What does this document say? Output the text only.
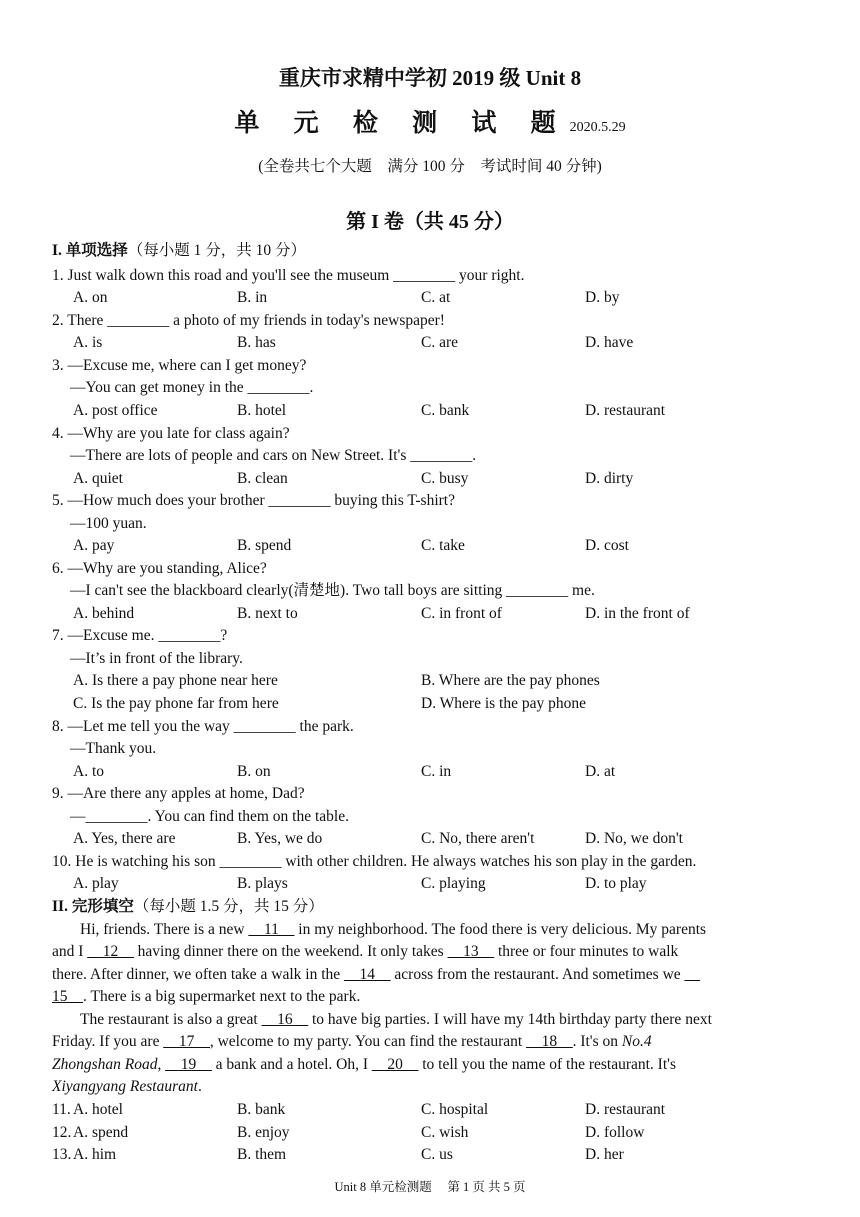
重庆市求精中学初 2019 级 Unit 8
单 元 检 测 试 题2020.5.29
(全卷共七个大题　满分 100 分　考试时间 40 分钟)
第 I 卷（共 45 分）
I. 单项选择（每小题 1 分，共 10 分）
1. Just walk down this road and you'll see the museum ________ your right.
A. on	B. in	C. at	D. by
2. There ________ a photo of my friends in today's newspaper!
A. is	B. has	C. are	D. have
3. —Excuse me, where can I get money?
—You can get money in the ________.
A. post office	B. hotel	C. bank	D. restaurant
4. —Why are you late for class again?
—There are lots of people and cars on New Street. It's ________.
A. quiet	B. clean	C. busy	D. dirty
5. —How much does your brother ________ buying this T-shirt?
—100 yuan.
A. pay	B. spend	C. take	D. cost
6. —Why are you standing, Alice?
—I can't see the blackboard clearly(清楚地). Two tall boys are sitting ________ me.
A. behind	B. next to	C. in front of	D. in the front of
7. —Excuse me. ________?
—It’s in front of the library.
A. Is there a pay phone near here	B. Where are the pay phones
C. Is the pay phone far from here	D. Where is the pay phone
8. —Let me tell you the way ________ the park.
—Thank you.
A. to	B. on	C. in	D. at
9. —Are there any apples at home, Dad?
—________. You can find them on the table.
A. Yes, there are	B. Yes, we do	C. No, there aren't	D. No, we don't
10. He is watching his son ________ with other children. He always watches his son play in the garden.
A. play	B. plays	C. playing	D. to play
II. 完形填空（每小题 1.5 分，共 15 分）
Hi, friends. There is a new __11__ in my neighborhood. The food there is very delicious. My parents
and I __12__ having dinner there on the weekend. It only takes __13__ three or four minutes to walk
there. After dinner, we often take a walk in the __14__ across from the restaurant. And sometimes we __
15__. There is a big supermarket next to the park.
The restaurant is also a great __16__ to have big parties. I will have my 14th birthday party there next
Friday. If you are __17__, welcome to my party. You can find the restaurant __18__. It's on No.4
Zhongshan Road, __19__ a bank and a hotel. Oh, I __20__ to tell you the name of the restaurant. It's
Xiyangyang Restaurant.
11. A. hotel	B. bank	C. hospital	D. restaurant
12. A. spend	B. enjoy	C. wish	D. follow
13. A. him	B. them	C. us	D. her
Unit 8 单元检测题　 第 1 页 共 5 页
